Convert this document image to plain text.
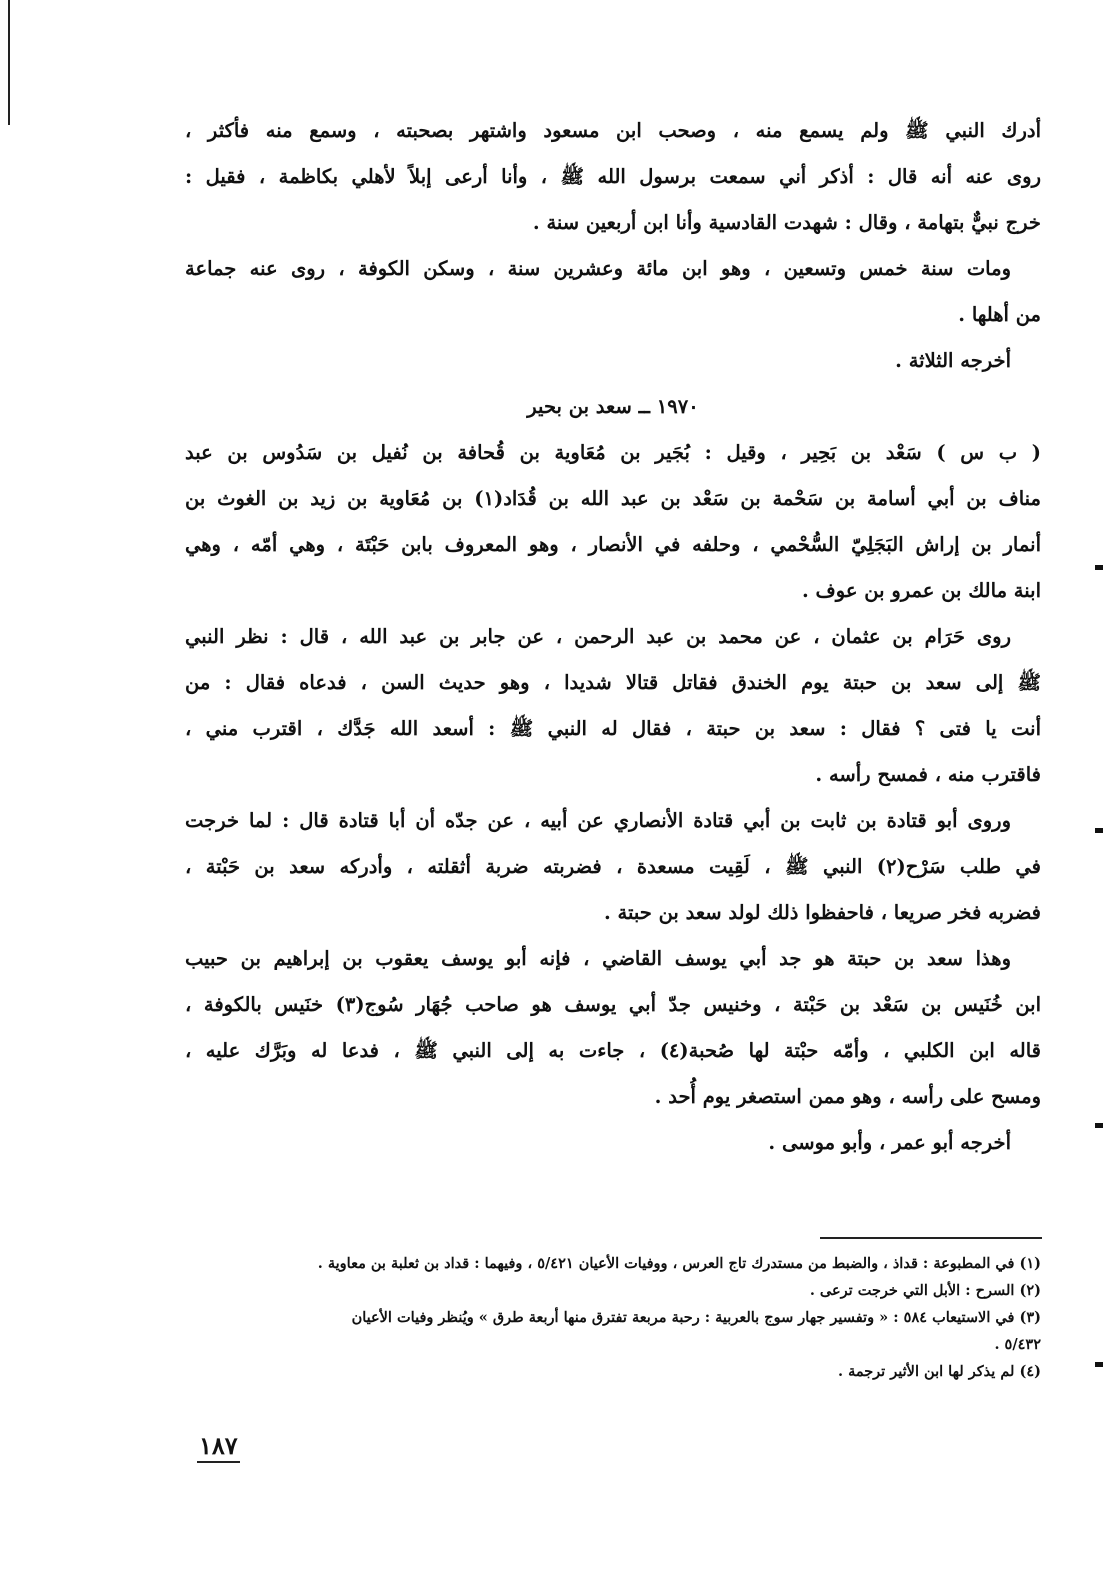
أدرك النبي ﷺ ولم يسمع منه ، وصحب ابن مسعود واشتهر بصحبته ، وسمع منه فأكثر ،
روى عنه أنه قال : أذكر أني سمعت برسول الله ﷺ ، وأنا أرعى إبلاً لأهلي بكاظمة ، فقيل :
خرج نبيٌّ بتهامة ، وقال : شهدت القادسية وأنا ابن أربعين سنة .
ومات سنة خمس وتسعين ، وهو ابن مائة وعشرين سنة ، وسكن الكوفة ، روى عنه جماعة
من أهلها .
أخرجه الثلاثة .
١٩٧٠ ــ سعد بن بحير
( ب س ) سَعْد بن بَحِير ، وقيل : بُجَير بن مُعَاوية بن قُحافة بن نُفيل بن سَدُوس بن عبد
مناف بن أبي أسامة بن سَحْمة بن سَعْد بن عبد الله بن قُدَاد(١) بن مُعَاوية بن زيد بن الغوث بن
أنمار بن إراش البَجَلِيّ السُّحْمي ، وحلفه في الأنصار ، وهو المعروف بابن حَبْتَة ، وهي أمّه ، وهي
ابنة مالك بن عمرو بن عوف .
روى حَرَام بن عثمان ، عن محمد بن عبد الرحمن ، عن جابر بن عبد الله ، قال : نظر النبي
ﷺ إلى سعد بن حبتة يوم الخندق فقاتل قتالا شديدا ، وهو حديث السن ، فدعاه فقال : من
أنت يا فتى ؟ فقال : سعد بن حبتة ، فقال له النبي ﷺ : أسعد الله جَدَّك ، اقترب مني ،
فاقترب منه ، فمسح رأسه .
وروى أبو قتادة بن ثابت بن أبي قتادة الأنصاري عن أبيه ، عن جدّه أن أبا قتادة قال : لما خرجت
في طلب سَرْح(٢) النبي ﷺ ، لَقِيت مسعدة ، فضربته ضربة أثقلته ، وأدركه سعد بن حَبْتة ،
فضربه فخر صريعا ، فاحفظوا ذلك لولد سعد بن حبتة .
وهذا سعد بن حبتة هو جد أبي يوسف القاضي ، فإنه أبو يوسف يعقوب بن إبراهيم بن حبيب
ابن خُنَيس بن سَعْد بن حَبْتة ، وخنيس جدّ أبي يوسف هو صاحب جُهَار سُوج(٣) خنَيس بالكوفة ،
قاله ابن الكلبي ، وأمّه حبْتة لها صُحبة(٤) ، جاءت به إلى النبي ﷺ ، فدعا له وبَرَّك عليه ،
ومسح على رأسه ، وهو ممن استصغر يوم أُحد .
أخرجه أبو عمر ، وأبو موسى .
(١) في المطبوعة : قداذ ، والضبط من مستدرك تاج العرس ، ووفيات الأعيان ٥/٤٢١ ، وفيهما : قداد بن ثعلبة بن معاوية .
(٢) السرح : الأبل التي خرجت ترعى .
(٣) في الاستيعاب ٥٨٤ : « وتفسير جهار سوج بالعربية : رحبة مربعة تفترق منها أربعة طرق » ويُنظر وفيات الأعيان
٥/٤٣٢ .
(٤) لم يذكر لها ابن الأثير ترجمة .
١٨٧
